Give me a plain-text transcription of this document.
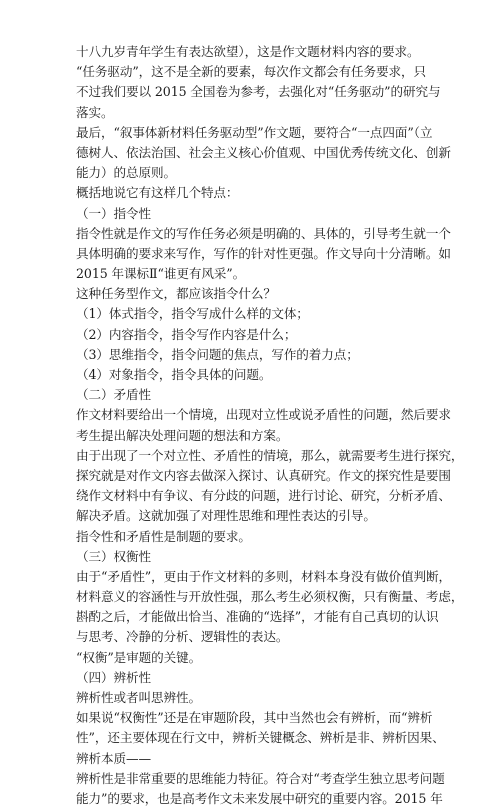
十八九岁青年学生有表达欲望），这是作文题材料内容的要求。
“任务驱动”，这不是全新的要素，每次作文都会有任务要求，只
不过我们要以 2015 全国卷为参考，去强化对“任务驱动”的研究与
落实。
最后，“叙事体新材料任务驱动型”作文题，要符合“一点四面”（立
德树人、依法治国、社会主义核心价值观、中国优秀传统文化、创新
能力）的总原则。
概括地说它有这样几个特点：
（一）指令性
指令性就是作文的写作任务必须是明确的、具体的，引导考生就一个
具体明确的要求来写作，写作的针对性更强。作文导向十分清晰。如
2015 年课标Ⅱ“谁更有风采”。
这种任务型作文，都应该指令什么？
（1）体式指令，指令写成什么样的文体；
（2）内容指令，指令写作内容是什么；
（3）思维指令，指令问题的焦点，写作的着力点；
（4）对象指令，指令具体的问题。
（二）矛盾性
作文材料要给出一个情境，出现对立性或说矛盾性的问题，然后要求
考生提出解决处理问题的想法和方案。
由于出现了一个对立性、矛盾性的情境，那么，就需要考生进行探究，
探究就是对作文内容去做深入探讨、认真研究。作文的探究性是要围
绕作文材料中有争议、有分歧的问题，进行讨论、研究，分析矛盾、
解决矛盾。这就加强了对理性思维和理性表达的引导。
指令性和矛盾性是制题的要求。
（三）权衡性
由于“矛盾性”，更由于作文材料的多则，材料本身没有做价值判断，
材料意义的容涵性与开放性强，那么考生必须权衡，只有衡量、考虑，
斟酌之后，才能做出恰当、准确的“选择”，才能有自己真切的认识
与思考、冷静的分析、逻辑性的表达。
“权衡”是审题的关键。
（四）辨析性
辨析性或者叫思辨性。
如果说“权衡性”还是在审题阶段，其中当然也会有辨析，而“辨析
性”，还主要体现在行文中，辨析关键概念、辨析是非、辨析因果、
辨析本质——
辨析性是非常重要的思维能力特征。符合对“考查学生独立思考问题
能力”的要求，也是高考作文未来发展中研究的重要内容。2015 年
